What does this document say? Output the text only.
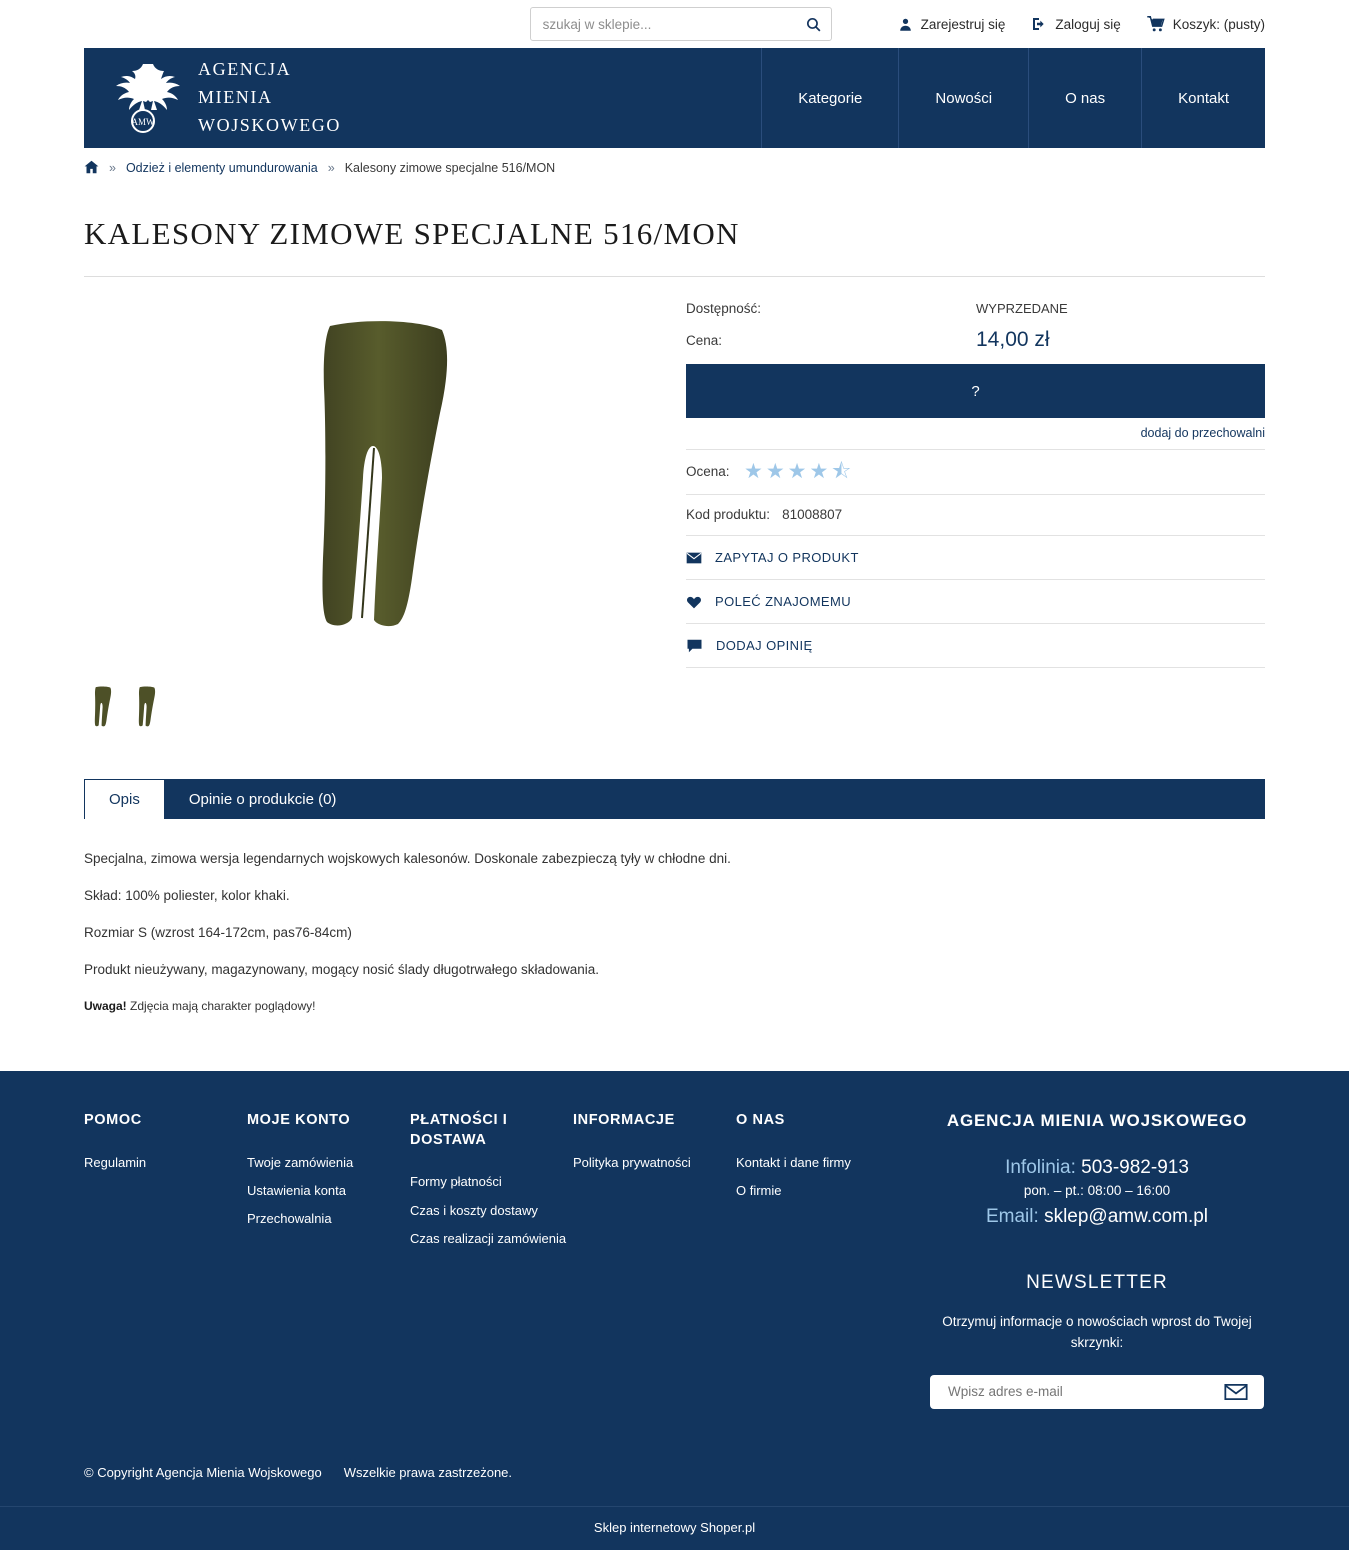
szukaj w sklepie...
Zarejestruj się	Zaloguj się	Koszyk: (pusty)
AMW
AGENCJA
MIENIA
WOJSKOWEGO
Kategorie	Nowości	O nas	Kontakt
» Odzież i elementy umundurowania » Kalesony zimowe specjalne 516/MON
KALESONY ZIMOWE SPECJALNE 516/MON
Dostępność:	WYPRZEDANE
Cena:	14,00 zł
?
dodaj do przechowalni
Ocena: ★ ★ ★ ★ ⯪
Kod produktu: 81008807
ZAPYTAJ O PRODUKT
POLEĆ ZNAJOMEMU
DODAJ OPINIĘ
Opis	Opinie o produkcie (0)

Specjalna, zimowa wersja legendarnych wojskowych kalesonów. Doskonale zabezpieczą tyły w chłodne dni.

Skład: 100% poliester, kolor khaki.

Rozmiar S (wzrost 164-172cm, pas76-84cm)

Produkt nieużywany, magazynowany, mogący nosić ślady długotrwałego składowania.

Uwaga! Zdjęcia mają charakter poglądowy!

POMOC
Regulamin
MOJE KONTO
Twoje zamówienia
Ustawienia konta
Przechowalnia
PŁATNOŚCI I DOSTAWA
Formy płatności
Czas i koszty dostawy
Czas realizacji zamówienia
INFORMACJE
Polityka prywatności
O NAS
Kontakt i dane firmy
O firmie
AGENCJA MIENIA WOJSKOWEGO
Infolinia: 503-982-913
pon. – pt.: 08:00 – 16:00
Email: sklep@amw.com.pl
NEWSLETTER
Otrzymuj informacje o nowościach wprost do Twojej skrzynki:
Wpisz adres e-mail
© Copyright Agencja Mienia Wojskowego Wszelkie prawa zastrzeżone.
Sklep internetowy Shoper.pl
